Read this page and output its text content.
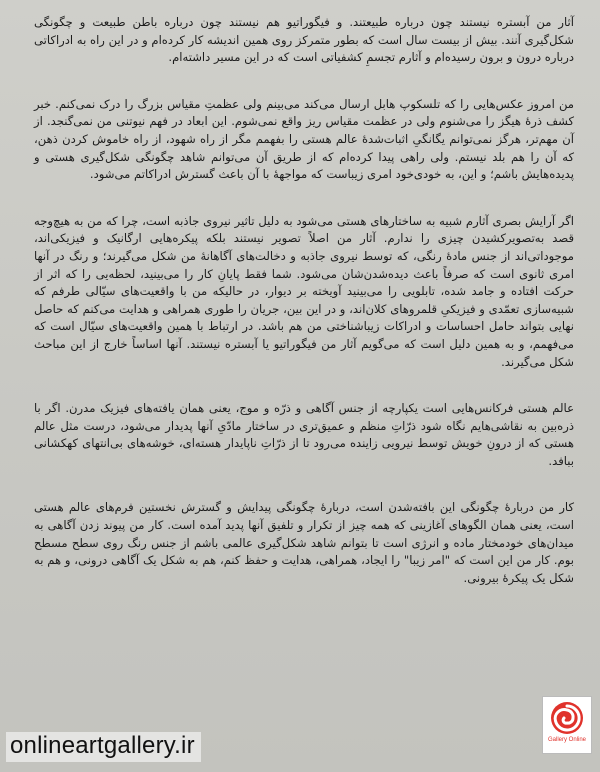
آثار من آبستره نیستند چون درباره طبیعتند. و فیگوراتیو هم نیستند چون درباره باطن طبیعت و چگونگی شکل‌گیری آنند. بیش از بیست سال است که بطور متمرکز روی همین اندیشه کار کرده‌ام و در این راه به ادراکاتی درباره درون و برون رسیده‌ام و آثارم تجسمِ کشفیاتی است که در این مسیر داشته‌ام.

من امروز عکس‌هایی را که تلسکوپ هابل ارسال می‌کند می‌بینم ولی عظمتِ مقیاس بزرگ را درک نمی‌کنم. خبر کشف ذرهٔ هیگز را می‌شنوم ولی در عظمت مقیاس ریز واقع نمی‌شوم. این ابعاد در فهم نیوتنی من نمی‌گنجد. از آن مهم‌تر، هرگز نمی‌توانم یگانگیِ اثبات‌شدهٔ عالم هستی را بفهمم مگر از راه شهود، از راه خاموش کردن ذهن، که آن را هم بلد نیستم. ولی راهی پیدا کرده‌ام که از طریق آن می‌توانم شاهد چگونگی شکل‌گیری هستی و پدیده‌هایش باشم؛ و این، به خودی‌خود امری زیباست که مواجههٔ با آن باعث گسترش ادراکاتم می‌شود.

اگر آرایش بصری آثارم شبیه به ساختارهای هستی می‌شود به دلیل تاثیر نیروی جاذبه است، چرا که من به هیچ‌وجه قصد به‌تصویرکشیدن چیزی را ندارم. آثار من اصلاً تصویر نیستند بلکه پیکره‌هایی ارگانیک و فیزیکی‌اند، موجوداتی‌اند از جنس مادهٔ رنگی، که توسط نیروی جاذبه و دخالت‌های آگاهانهٔ من شکل می‌گیرند؛ و رنگ در آنها امری ثانوی است که صرفاً باعث دیده‌شدن‌شان می‌شود. شما فقط پایانِ کار را می‌بینید، لحظه‌یی را که اثر از حرکت افتاده و جامد شده، تابلویی را می‌بینید آویخته بر دیوار، در حالیکه من با واقعیت‌های سیّالی طرفم که شبیه‌سازی تعمّدی و فیزیکیِ قلمروهای کلان‌اند، و در این بین، جریان را طوری همراهی و هدایت می‌کنم که حاصل نهایی بتواند حامل احساسات و ادراکات زیباشناختی من هم باشد. در ارتباط با همین واقعیت‌های سیّال است که می‌فهمم، و به همین دلیل است که می‌گویم آثار من فیگوراتیو یا آبستره نیستند. آنها اساساً خارج از این مباحث شکل می‌گیرند.

عالم هستی فرکانس‌هایی است یکپارچه از جنس آگاهی و ذرّه و موج، یعنی همان یافته‌های فیزیک مدرن. اگر با ذره‌بین به نقاشی‌هایم نگاه شود ذرّاتِ منظم و عمیق‌تری در ساختار مادّیِ آنها پدیدار می‌شود، درست مثل عالم هستی که از درونِ خویش توسط نیرویی زاینده می‌رود تا از ذرّاتِ ناپایدار هسته‌ای، خوشه‌های بی‌انتهای کهکشانی ببافد.

کار من دربارهٔ چگونگی این بافته‌شدن است، دربارهٔ چگونگی پیدایش و گسترش نخستین فرم‌های عالم هستی است، یعنی همان الگوهای آغازینی که همه چیز از تکرار و تلفیق آنها پدید آمده است. کار من پیوند زدن آگاهی به میدان‌های خودمختار ماده و انرژی است تا بتوانم شاهد شکل‌گیری عالمی باشم از جنس رنگ روی سطح مسطح بوم. کار من این است که "امر زیبا" را ایجاد، همراهی، هدایت و حفظ کنم، هم به شکل یک آگاهی درونی، و هم به شکل یک پیکرهٔ بیرونی.

onlineartgallery.ir	Gallery Online
